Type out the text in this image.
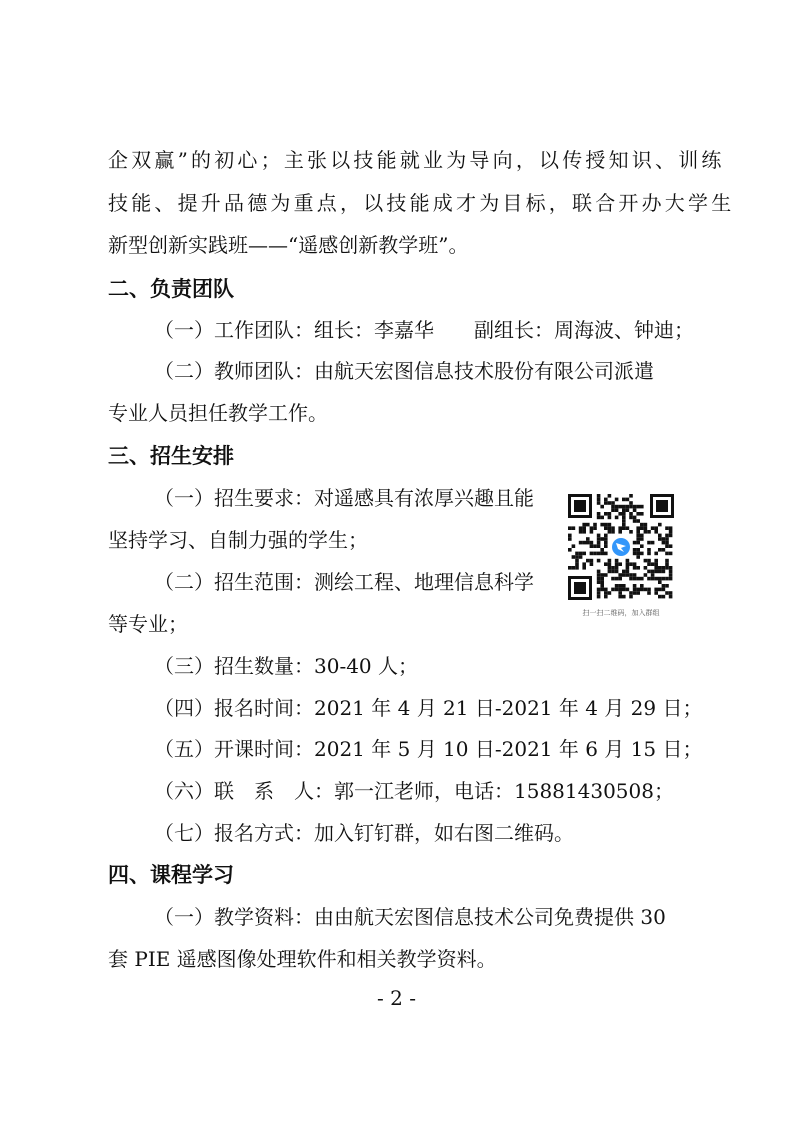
企双赢”的初心；主张以技能就业为导向，以传授知识、训练
技能、提升品德为重点，以技能成才为目标，联合开办大学生
新型创新实践班——“遥感创新教学班”。
二、负责团队
（一）工作团队：组长：李嘉华　　副组长：周海波、钟迪；
（二）教师团队：由航天宏图信息技术股份有限公司派遣
专业人员担任教学工作。
三、招生安排
（一）招生要求：对遥感具有浓厚兴趣且能
坚持学习、自制力强的学生；
（二）招生范围：测绘工程、地理信息科学
等专业；
（三）招生数量：30-40 人；
（四）报名时间：2021 年 4 月 21 日-2021 年 4 月 29 日；
（五）开课时间：2021 年 5 月 10 日-2021 年 6 月 15 日；
（六）联　系　人：郭一江老师，电话：15881430508；
（七）报名方式：加入钉钉群，如右图二维码。
四、课程学习
（一）教学资料：由由航天宏图信息技术公司免费提供 30
扫一扫二维码，加入群组
- 2 -
套 PIE 遥感图像处理软件和相关教学资料。
